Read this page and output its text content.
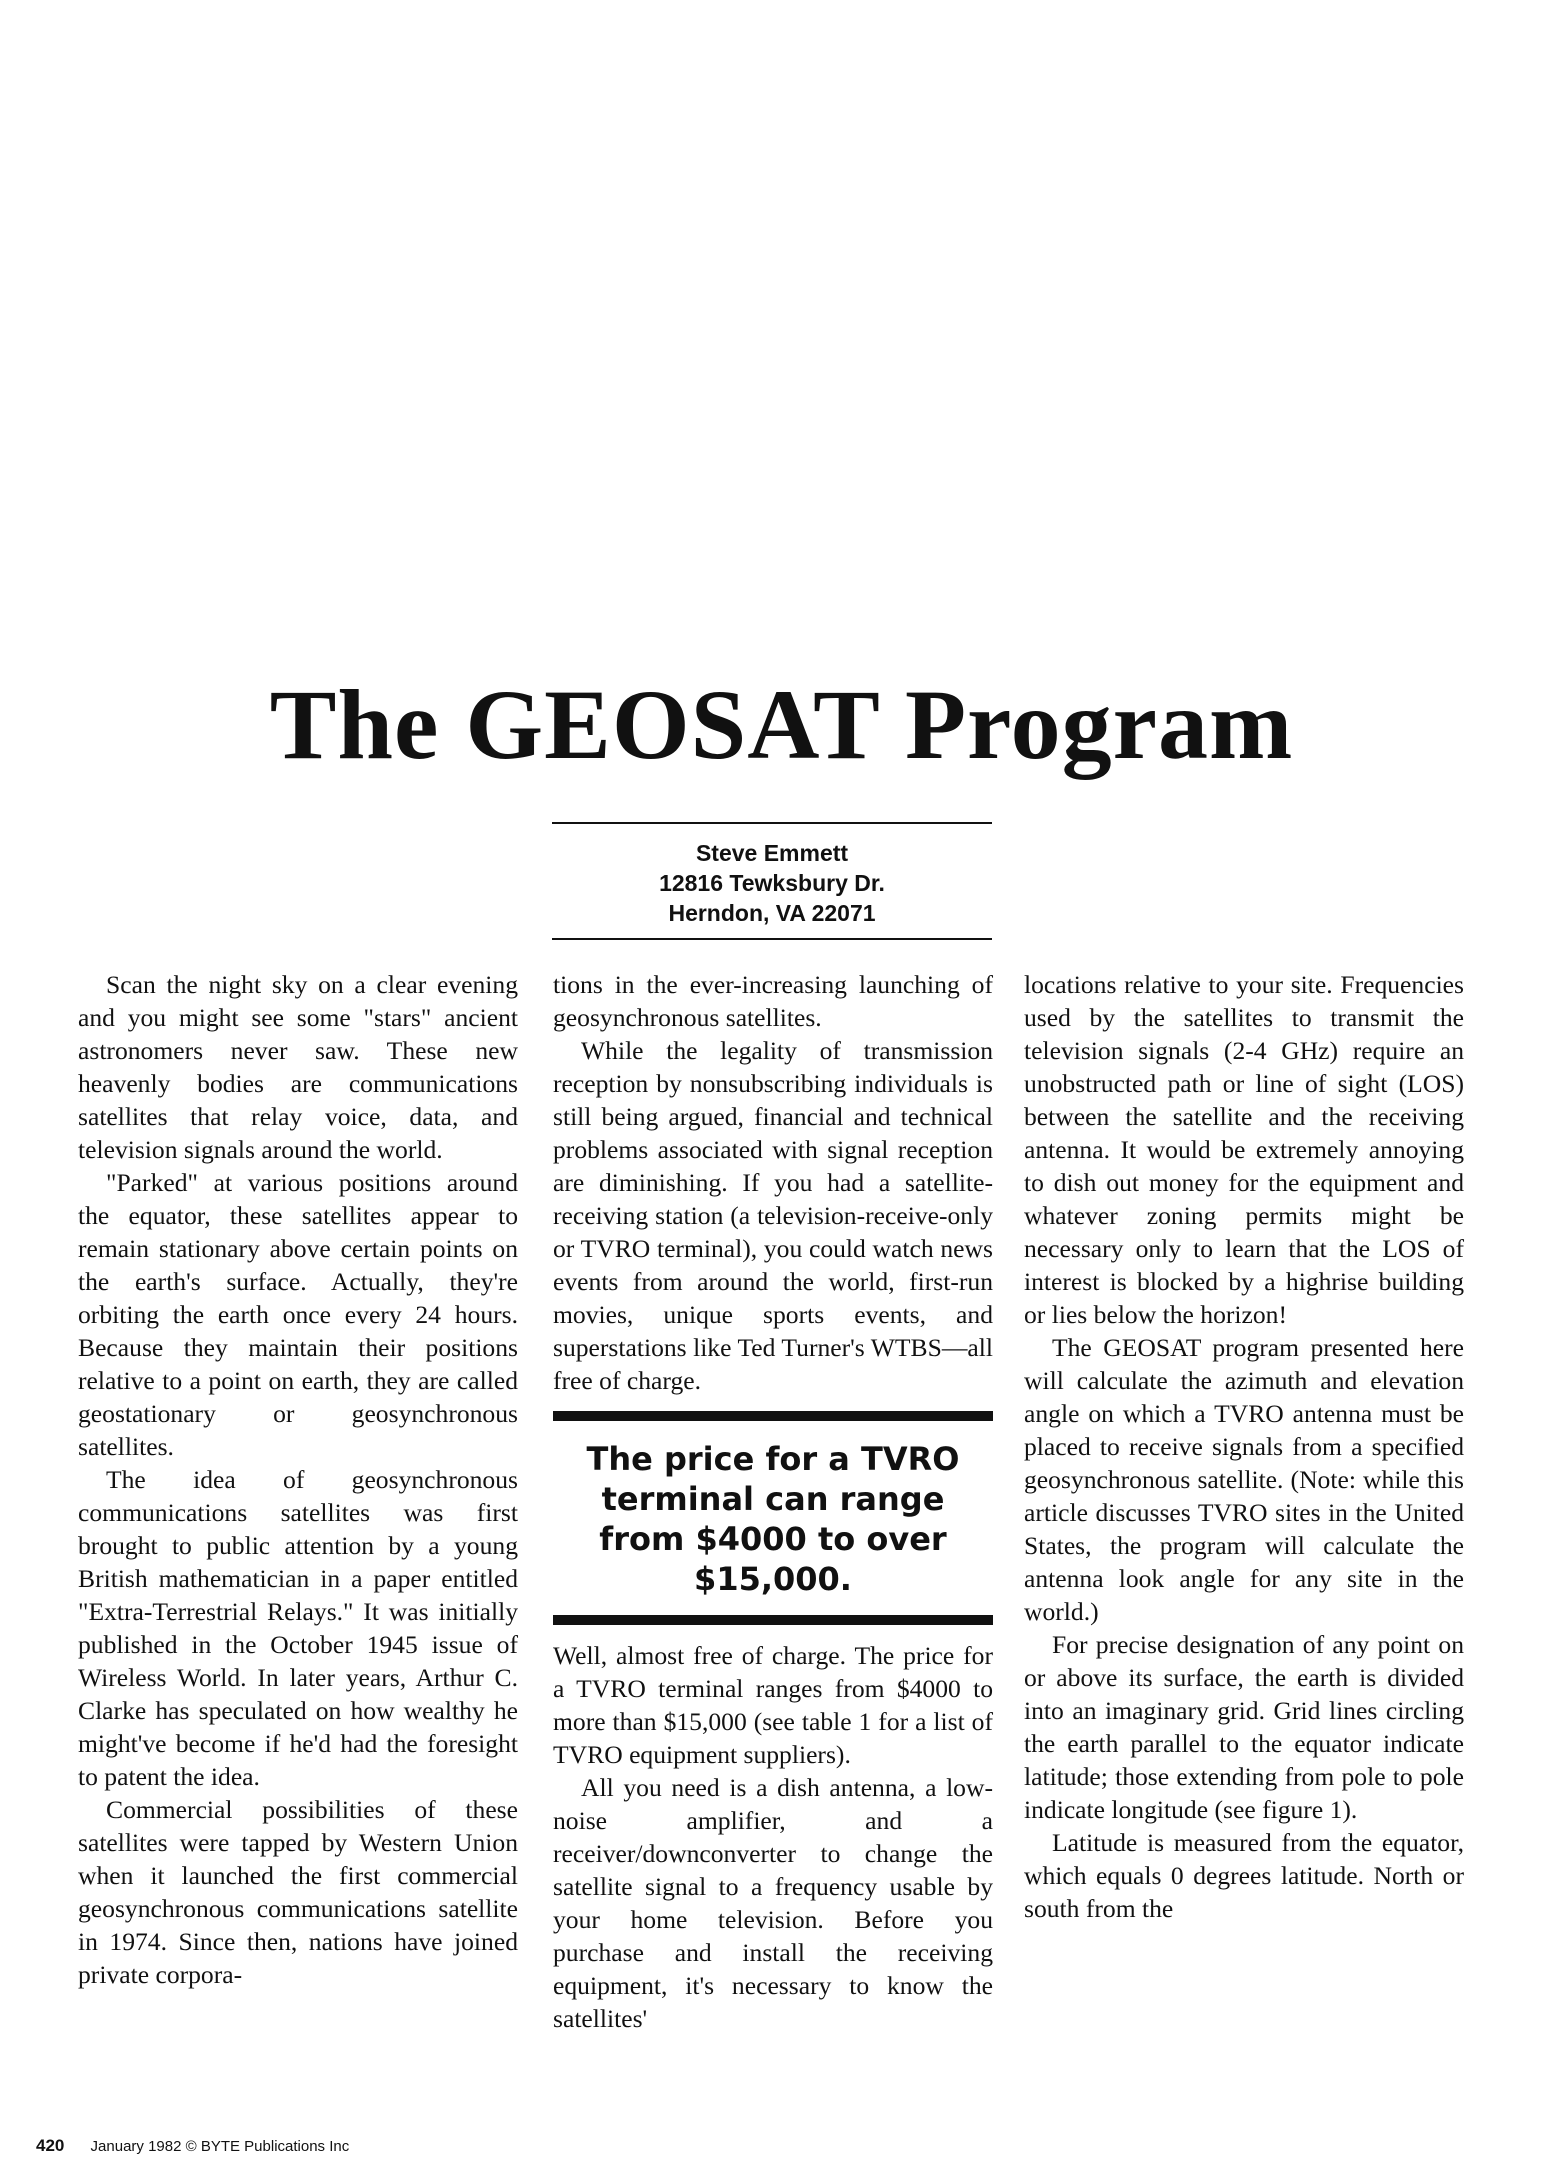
The GEOSAT Program
Steve Emmett
12816 Tewksbury Dr.
Herndon, VA 22071

Scan the night sky on a clear evening and you might see some "stars" ancient astronomers never saw. These new heavenly bodies are communications satellites that relay voice, data, and television signals around the world.

"Parked" at various positions around the equator, these satellites appear to remain stationary above certain points on the earth's surface. Actually, they're orbiting the earth once every 24 hours. Because they maintain their positions relative to a point on earth, they are called geostationary or geosynchronous satellites.

The idea of geosynchronous communications satellites was first brought to public attention by a young British mathematician in a paper entitled "Extra-Terrestrial Relays." It was initially published in the October 1945 issue of Wireless World. In later years, Arthur C. Clarke has speculated on how wealthy he might've become if he'd had the foresight to patent the idea.

Commercial possibilities of these satellites were tapped by Western Union when it launched the first commercial geosynchronous communications satellite in 1974. Since then, nations have joined private corpora-

tions in the ever-increasing launching of geosynchronous satellites.

While the legality of transmission reception by nonsubscribing individuals is still being argued, financial and technical problems associated with signal reception are diminishing. If you had a satellite-receiving station (a television-receive-only or TVRO terminal), you could watch news events from around the world, first-run movies, unique sports events, and superstations like Ted Turner's WTBS—all free of charge.

The price for a TVRO terminal can range from $4000 to over $15,000.

Well, almost free of charge. The price for a TVRO terminal ranges from $4000 to more than $15,000 (see table 1 for a list of TVRO equipment suppliers).

All you need is a dish antenna, a low-noise amplifier, and a receiver/downconverter to change the satellite signal to a frequency usable by your home television. Before you purchase and install the receiving equipment, it's necessary to know the satellites'

locations relative to your site. Frequencies used by the satellites to transmit the television signals (2-4 GHz) require an unobstructed path or line of sight (LOS) between the satellite and the receiving antenna. It would be extremely annoying to dish out money for the equipment and whatever zoning permits might be necessary only to learn that the LOS of interest is blocked by a highrise building or lies below the horizon!

The GEOSAT program presented here will calculate the azimuth and elevation angle on which a TVRO antenna must be placed to receive signals from a specified geosynchronous satellite. (Note: while this article discusses TVRO sites in the United States, the program will calculate the antenna look angle for any site in the world.)

For precise designation of any point on or above its surface, the earth is divided into an imaginary grid. Grid lines circling the earth parallel to the equator indicate latitude; those extending from pole to pole indicate longitude (see figure 1).

Latitude is measured from the equator, which equals 0 degrees latitude. North or south from the

420 January 1982 © BYTE Publications Inc
